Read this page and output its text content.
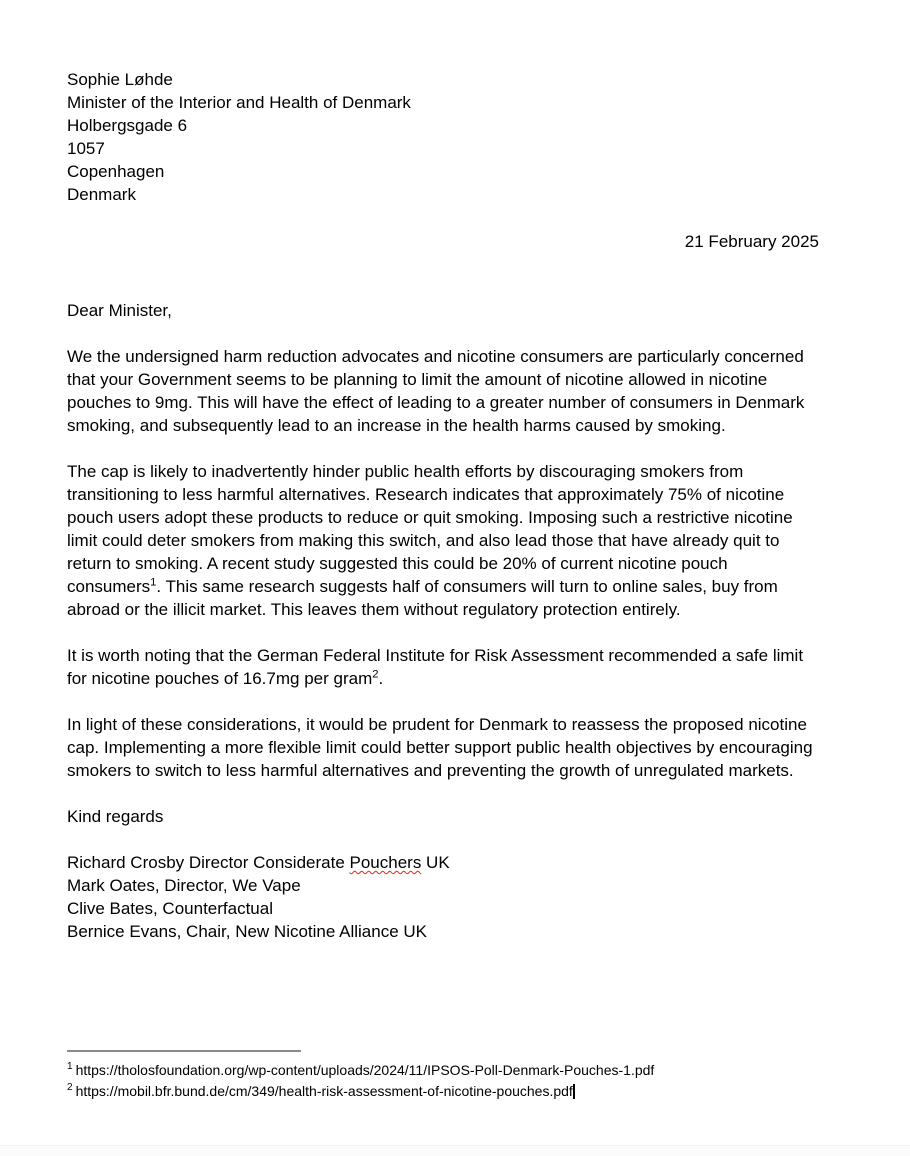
Sophie Løhde
Minister of the Interior and Health of Denmark
Holbergsgade 6
1057
Copenhagen
Denmark
21 February 2025
Dear Minister,

We the undersigned harm reduction advocates and nicotine consumers are particularly concerned that your Government seems to be planning to limit the amount of nicotine allowed in nicotine pouches to 9mg. This will have the effect of leading to a greater number of consumers in Denmark smoking, and subsequently lead to an increase in the health harms caused by smoking.

The cap is likely to inadvertently hinder public health efforts by discouraging smokers from transitioning to less harmful alternatives. Research indicates that approximately 75% of nicotine pouch users adopt these products to reduce or quit smoking. Imposing such a restrictive nicotine limit could deter smokers from making this switch, and also lead those that have already quit to return to smoking. A recent study suggested this could be 20% of current nicotine pouch consumers$^1$. This same research suggests half of consumers will turn to online sales, buy from abroad or the illicit market. This leaves them without regulatory protection entirely.

It is worth noting that the German Federal Institute for Risk Assessment recommended a safe limit for nicotine pouches of 16.7mg per gram$^2$.

In light of these considerations, it would be prudent for Denmark to reassess the proposed nicotine cap. Implementing a more flexible limit could better support public health objectives by encouraging smokers to switch to less harmful alternatives and preventing the growth of unregulated markets.

Kind regards
Richard Crosby Director Considerate Pouchers UK
Mark Oates, Director, We Vape
Clive Bates, Counterfactual
Bernice Evans, Chair, New Nicotine Alliance UK
$^1$ https://tholosfoundation.org/wp-content/uploads/2024/11/IPSOS-Poll-Denmark-Pouches-1.pdf
$^2$ https://mobil.bfr.bund.de/cm/349/health-risk-assessment-of-nicotine-pouches.pdf
